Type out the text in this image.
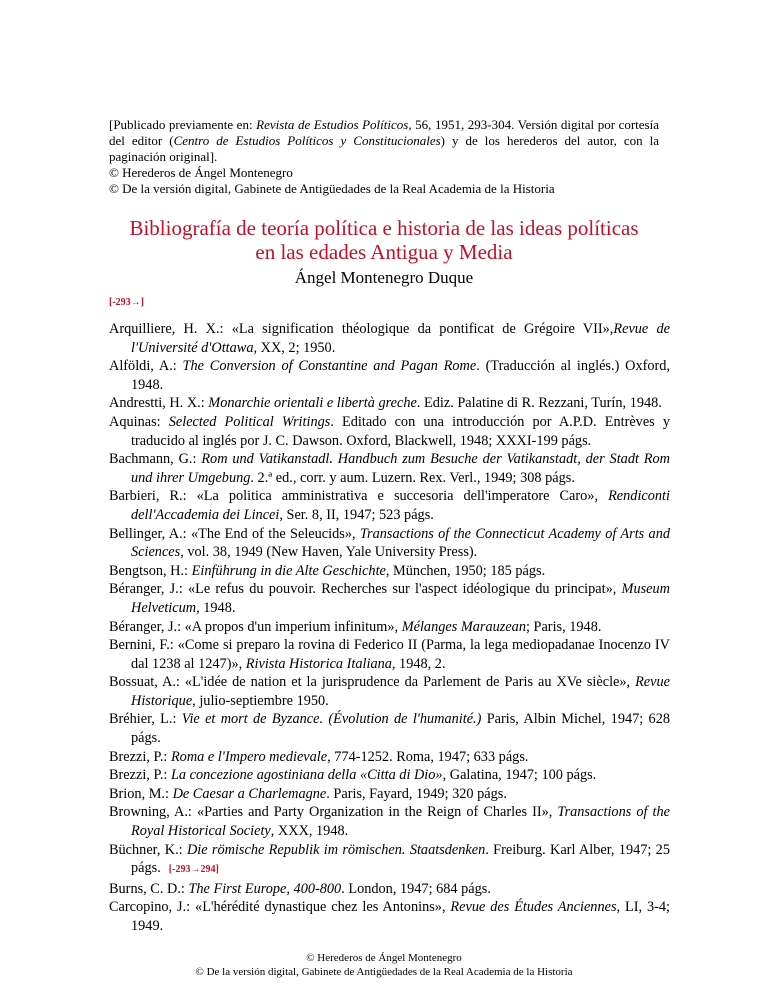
[Publicado previamente en: Revista de Estudios Políticos, 56, 1951, 293-304. Versión digital por cortesía del editor (Centro de Estudios Políticos y Constitucionales) y de los herederos del autor, con la paginación original].

© Herederos de Ángel Montenegro

© De la versión digital, Gabinete de Antigüedades de la Real Academia de la Historia

Bibliografía de teoría política e historia de las ideas políticas
en las edades Antigua y Media
Ángel Montenegro Duque
[-293→]

Arquilliere, H. X.: «La signification théologique da pontificat de Grégoire VII»,Revue de l'Université d'Ottawa, XX, 2; 1950.

Alföldi, A.: The Conversion of Constantine and Pagan Rome. (Traducción al inglés.) Oxford, 1948.

Andrestti, H. X.: Monarchie orientali e libertà greche. Ediz. Palatine di R. Rezzani, Turín, 1948.

Aquinas: Selected Political Writings. Editado con una introducción por A.P.D. Entrèves y traducido al inglés por J. C. Dawson. Oxford, Blackwell, 1948; XXXI-199 págs.

Bachmann, G.: Rom und Vatikanstadl. Handbuch zum Besuche der Vatikanstadt, der Stadt Rom und ihrer Umgebung. 2.ª ed., corr. y aum. Luzern. Rex. Verl., 1949; 308 págs.

Barbieri, R.: «La politica amministrativa e succesoria dell'imperatore Caro», Rendiconti dell'Accademia dei Lincei, Ser. 8, II, 1947; 523 págs.

Bellinger, A.: «The End of the Seleucids», Transactions of the Connecticut Academy of Arts and Sciences, vol. 38, 1949 (New Haven, Yale University Press).

Bengtson, H.: Einführung in die Alte Geschichte, München, 1950; 185 págs.

Béranger, J.: «Le refus du pouvoir. Recherches sur l'aspect idéologique du principat», Museum Helveticum, 1948.

Béranger, J.: «A propos d'un imperium infinitum», Mélanges Marauzean; Paris, 1948.

Bernini, F.: «Come si preparo la rovina di Federico II (Parma, la lega mediopadanae Inocenzo IV dal 1238 al 1247)», Rivista Historica Italiana, 1948, 2.

Bossuat, A.: «L'idée de nation et la jurisprudence da Parlement de Paris au XVe siècle», Revue Historique, julio-septiembre 1950.

Bréhier, L.: Vie et mort de Byzance. (Évolution de l'humanité.) Paris, Albin Michel, 1947; 628 págs.

Brezzi, P.: Roma e l'Impero medievale, 774-1252. Roma, 1947; 633 págs.

Brezzi, P.: La concezione agostiniana della «Citta di Dio», Galatina, 1947; 100 págs.

Brion, M.: De Caesar a Charlemagne. Paris, Fayard, 1949; 320 págs.

Browning, A.: «Parties and Party Organization in the Reign of Charles II», Transactions of the Royal Historical Society, XXX, 1948.

Büchner, K.: Die römische Republik im römischen. Staatsdenken. Freiburg. Karl Alber, 1947; 25 págs. [-293→294]

Burns, C. D.: The First Europe, 400-800. London, 1947; 684 págs.

Carcopino, J.: «L'hérédité dynastique chez les Antonins», Revue des Études Anciennes, LI, 3-4; 1949.

© Herederos de Ángel Montenegro
© De la versión digital, Gabinete de Antigüedades de la Real Academia de la Historia
